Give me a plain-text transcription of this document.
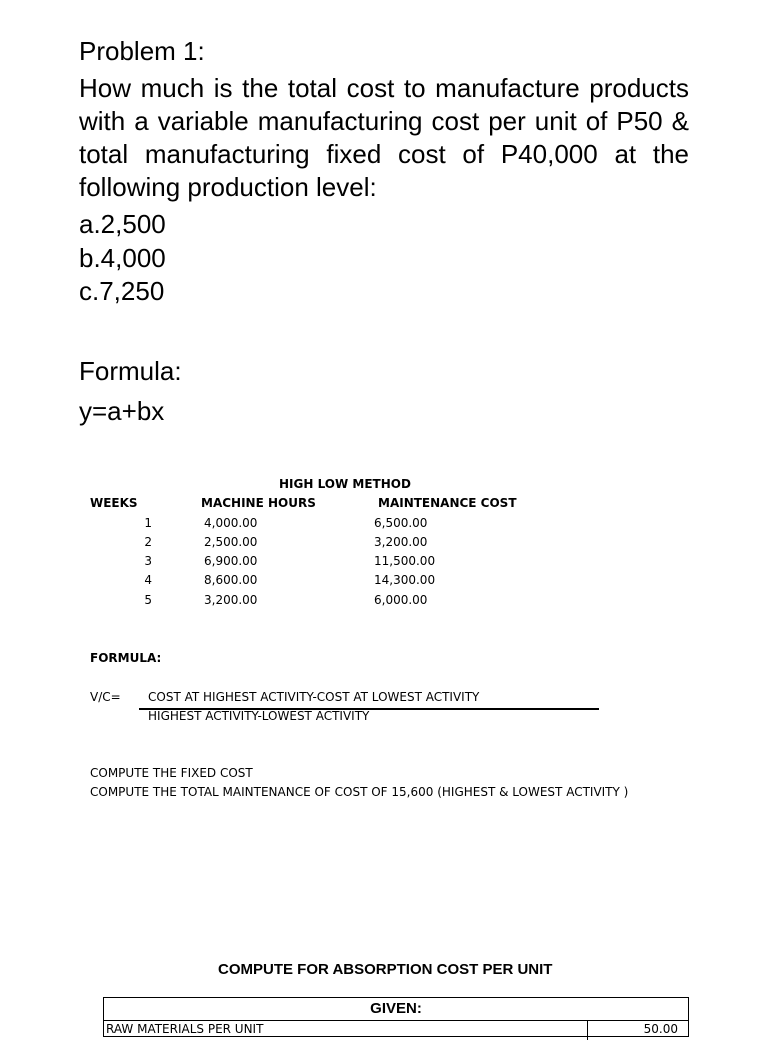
Problem 1:
How much is the total cost to manufacture products with a variable manufacturing cost per unit of P50 & total manufacturing fixed cost of P40,000 at the following production level:
a.2,500
b.4,000
c.7,250
Formula:
y=a+bx
HIGH LOW METHOD
WEEKS	MACHINE HOURS	MAINTENANCE COST
1	4,000.00	6,500.00
2	2,500.00	3,200.00
3	6,900.00	11,500.00
4	8,600.00	14,300.00
5	3,200.00	6,000.00
FORMULA:
V/C= COST AT HIGHEST ACTIVITY-COST AT LOWEST ACTIVITY
HIGHEST ACTIVITY-LOWEST ACTIVITY
COMPUTE THE FIXED COST
COMPUTE THE TOTAL MAINTENANCE OF COST OF 15,600 (HIGHEST & LOWEST ACTIVITY )
COMPUTE FOR ABSORPTION COST PER UNIT
GIVEN:
RAW MATERIALS PER UNIT	50.00
